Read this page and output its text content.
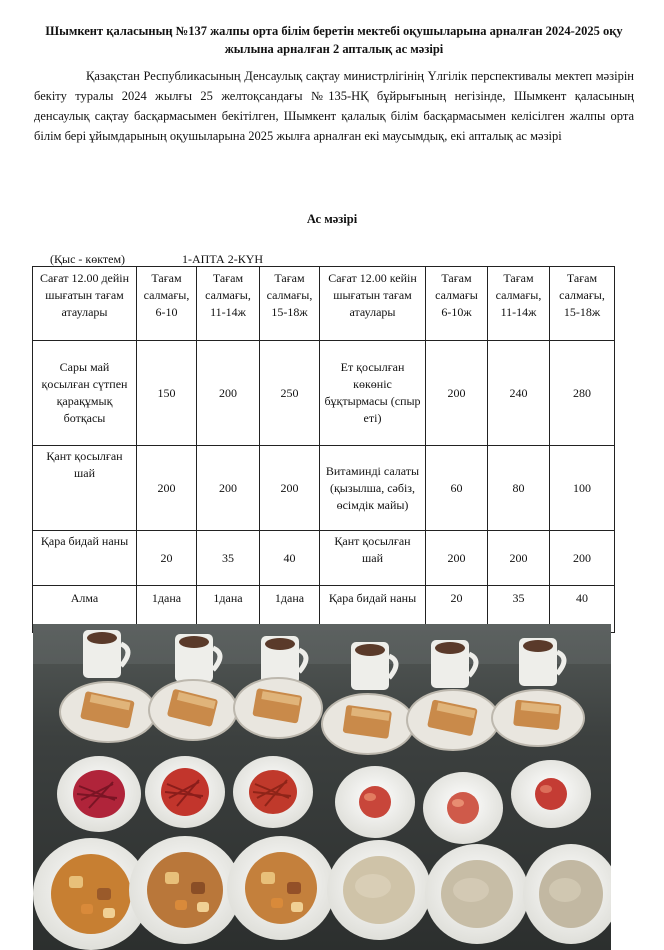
Шымкент қаласының №137 жалпы орта білім беретін мектебі оқушыларына арналған 2024-2025 оқу жылына арналған 2 апталық ас мәзірі
Қазақстан Республикасының Денсаулық сақтау министрлігінің Үлгілік перспективалы мектеп мәзірін бекіту туралы 2024 жылғы 25 желтоқсандағы №135-НҚ бұйрығының негізінде, Шымкент қаласының денсаулық сақтау басқармасымен бекітілген, Шымкент қалалық білім басқармасымен келісілген жалпы орта білім бері ұйымдарының оқушыларына 2025 жылға арналған екі маусымдық, екі апталық ас мәзірі
Ас мәзірі
(Қыс - көктем)	1-АПТА 2-КҮН
Сағат 12.00 дейін шығатын тағам атаулары	Тағам салмағы, 6-10	Тағам салмағы, 11-14ж	Тағам салмағы, 15-18ж	Сағат 12.00 кейін шығатын тағам атаулары	Тағам салмағы 6-10ж	Тағам салмағы, 11-14ж	Тағам салмағы, 15-18ж
Сары май қосылған сүтпен қарақұмық ботқасы	150	200	250	Ет қосылған көкөніс бұқтырмасы (спыр еті)	200	240	280
Қант қосылған шай	200	200	200	Витаминді салаты (қызылша, сәбіз, өсімдік майы)	60	80	100
Қара бидай наны	20	35	40	Қант қосылған шай	200	200	200
Алма	1дана	1дана	1дана	Қара бидай наны	20	35	40
